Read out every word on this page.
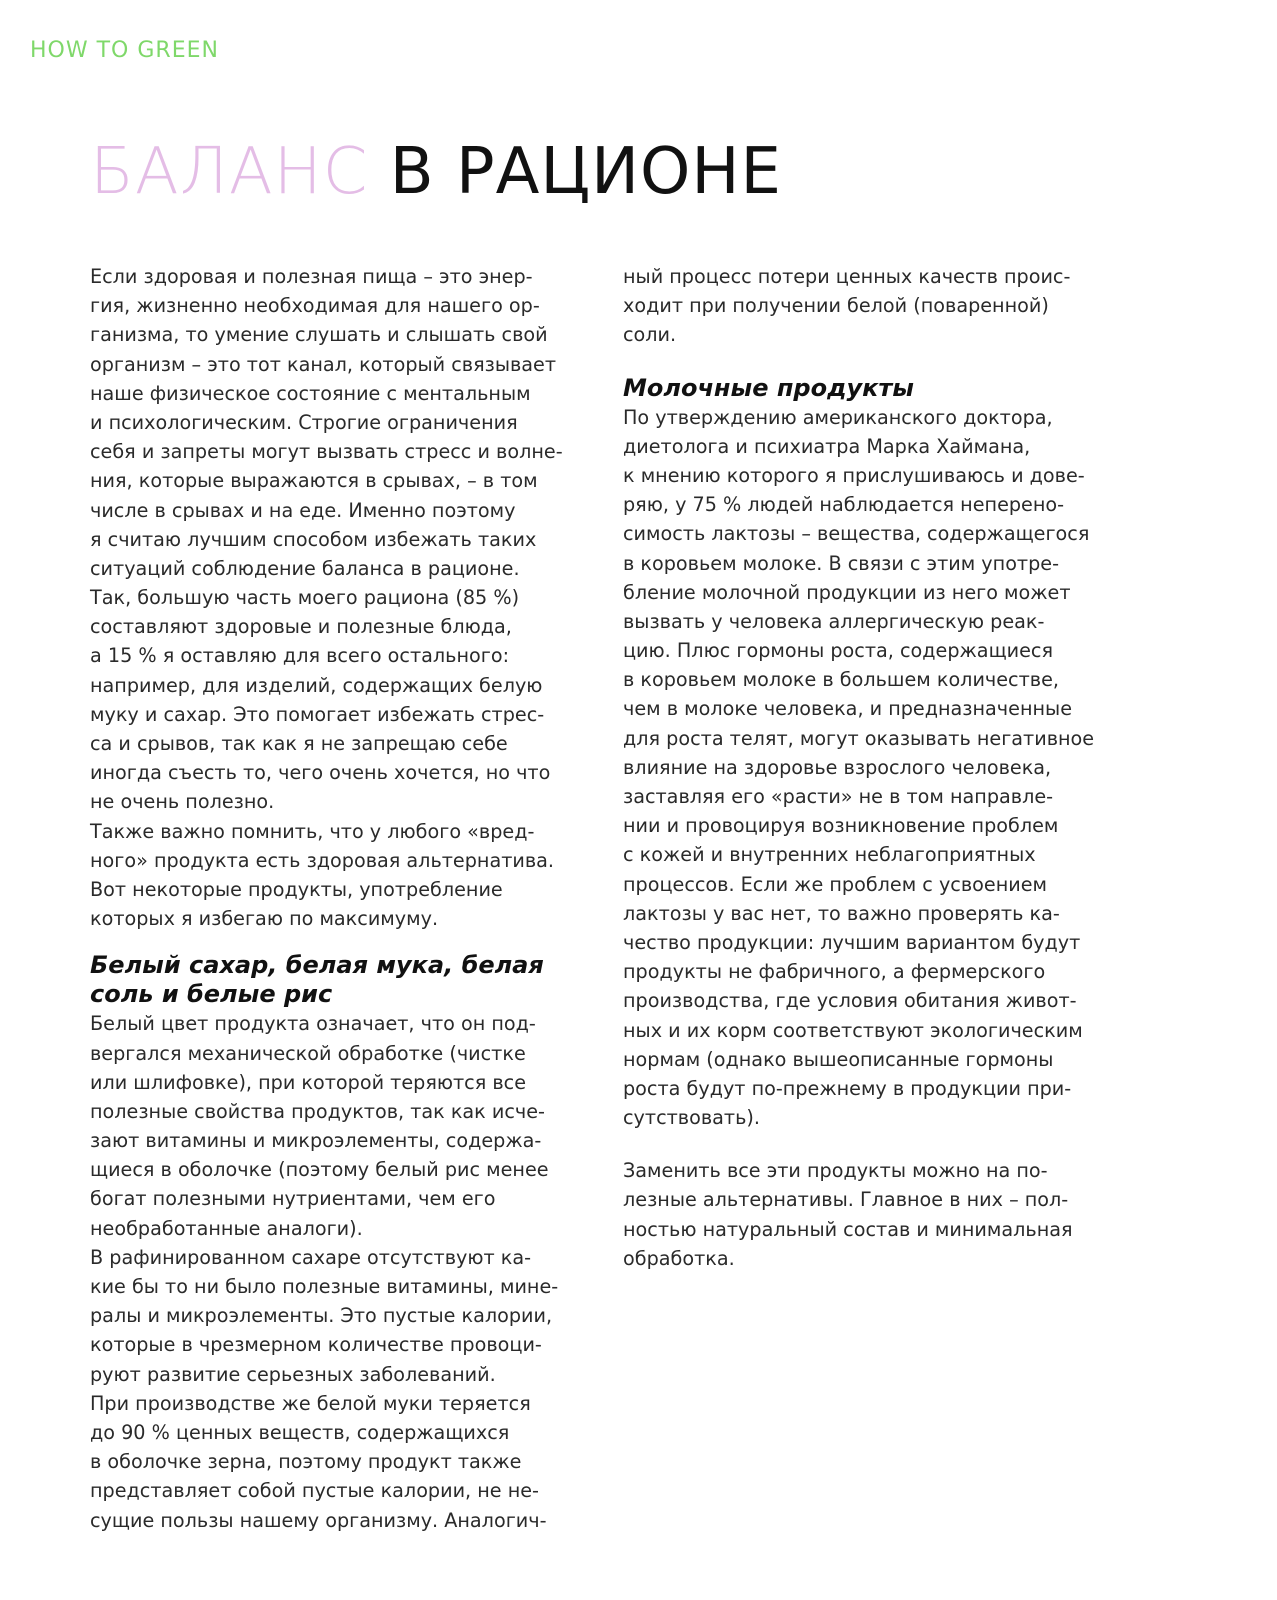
HOW TO GREEN
БАЛАНС В РАЦИОНЕ
Если здоровая и полезная пища – это энер-
гия, жизненно необходимая для нашего ор-
ганизма, то умение слушать и слышать свой
организм – это тот канал, который связывает
наше физическое состояние с ментальным
и психологическим. Строгие ограничения
себя и запреты могут вызвать стресс и волне-
ния, которые выражаются в срывах, – в том
числе в срывах и на еде. Именно поэтому
я считаю лучшим способом избежать таких
ситуаций соблюдение баланса в рационе.
Так, большую часть моего рациона (85 %)
составляют здоровые и полезные блюда,
а 15 % я оставляю для всего остального:
например, для изделий, содержащих белую
муку и сахар. Это помогает избежать стрес-
са и срывов, так как я не запрещаю себе
иногда съесть то, чего очень хочется, но что
не очень полезно.
Также важно помнить, что у любого «вред-
ного» продукта есть здоровая альтернатива.
Вот некоторые продукты, употребление
которых я избегаю по максимуму.
Белый сахар, белая мука, белая
соль и белые рис
Белый цвет продукта означает, что он под-
вергался механической обработке (чистке
или шлифовке), при которой теряются все
полезные свойства продуктов, так как исче-
зают витамины и микроэлементы, содержа-
щиеся в оболочке (поэтому белый рис менее
богат полезными нутриентами, чем его
необработанные аналоги).
В рафинированном сахаре отсутствуют ка-
кие бы то ни было полезные витамины, мине-
ралы и микроэлементы. Это пустые калории,
которые в чрезмерном количестве провоци-
руют развитие серьезных заболеваний.
При производстве же белой муки теряется
до 90 % ценных веществ, содержащихся
в оболочке зерна, поэтому продукт также
представляет собой пустые калории, не не-
сущие пользы нашему организму. Аналогич-
ный процесс потери ценных качеств проис-
ходит при получении белой (поваренной)
соли.
Молочные продукты
По утверждению американского доктора,
диетолога и психиатра Марка Хаймана,
к мнению которого я прислушиваюсь и дове-
ряю, у 75 % людей наблюдается неперено-
симость лактозы – вещества, содержащегося
в коровьем молоке. В связи с этим употре-
бление молочной продукции из него может
вызвать у человека аллергическую реак-
цию. Плюс гормоны роста, содержащиеся
в коровьем молоке в большем количестве,
чем в молоке человека, и предназначенные
для роста телят, могут оказывать негативное
влияние на здоровье взрослого человека,
заставляя его «расти» не в том направле-
нии и провоцируя возникновение проблем
с кожей и внутренних неблагоприятных
процессов. Если же проблем с усвоением
лактозы у вас нет, то важно проверять ка-
чество продукции: лучшим вариантом будут
продукты не фабричного, а фермерского
производства, где условия обитания живот-
ных и их корм соответствуют экологическим
нормам (однако вышеописанные гормоны
роста будут по-прежнему в продукции при-
сутствовать).
Заменить все эти продукты можно на по-
лезные альтернативы. Главное в них – пол-
ностью натуральный состав и минимальная
обработка.
